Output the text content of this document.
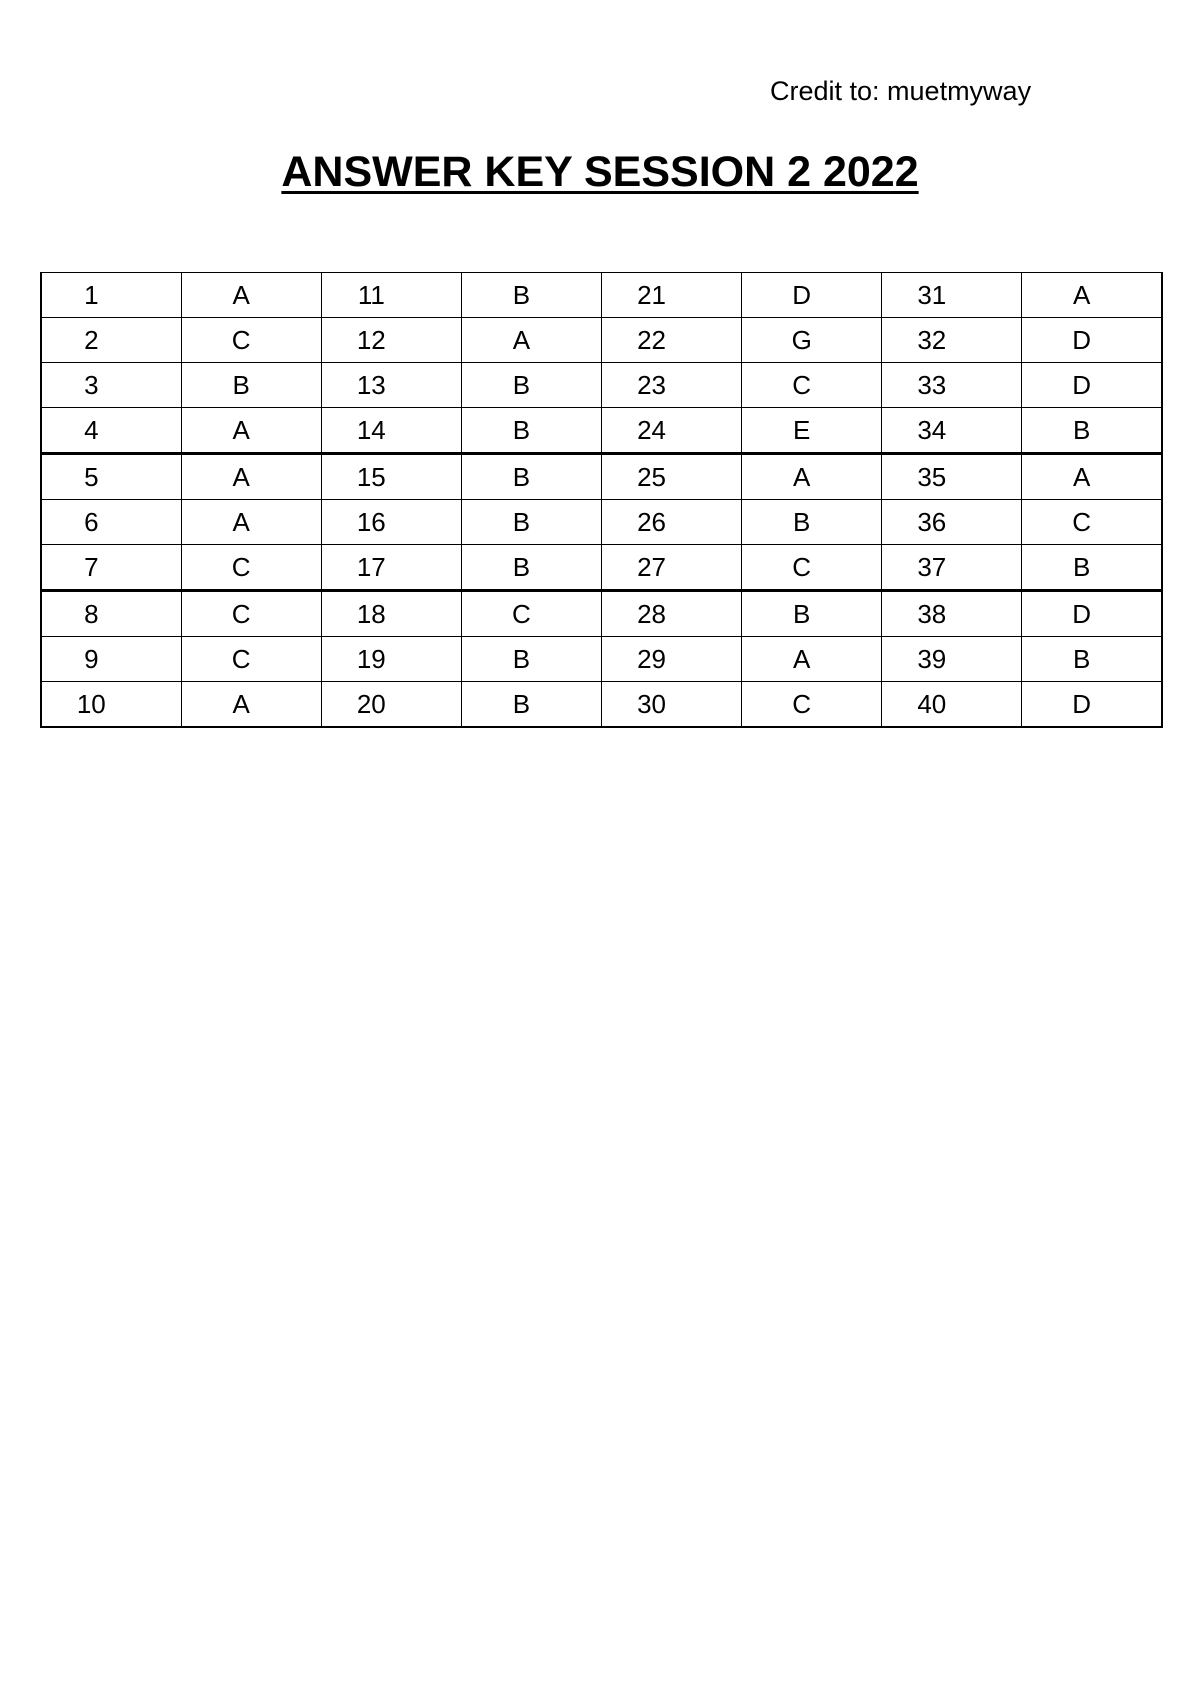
Credit to: muetmyway
ANSWER KEY SESSION 2 2022
1	A	11	B	21	D	31	A
2	C	12	A	22	G	32	D
3	B	13	B	23	C	33	D
4	A	14	B	24	E	34	B
5	A	15	B	25	A	35	A
6	A	16	B	26	B	36	C
7	C	17	B	27	C	37	B
8	C	18	C	28	B	38	D
9	C	19	B	29	A	39	B
10	A	20	B	30	C	40	D
